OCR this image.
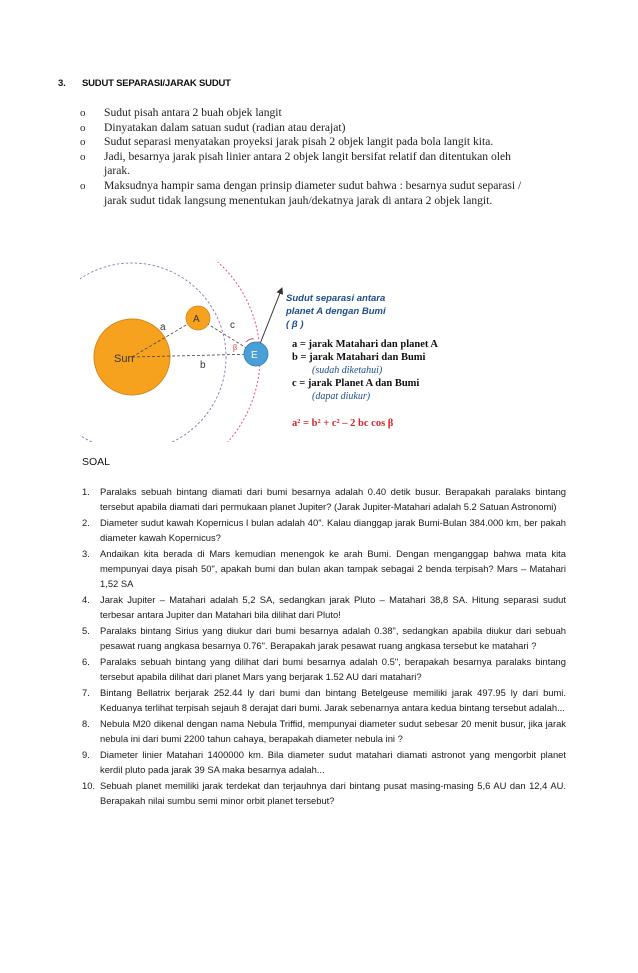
3. SUDUT SEPARASI/JARAK SUDUT
o Sudut pisah antara 2 buah objek langit
o Dinyatakan dalam satuan sudut (radian atau derajat)
o Sudut separasi menyatakan proyeksi jarak pisah 2 objek langit pada bola langit kita.
o Jadi, besarnya jarak pisah linier antara 2 objek langit bersifat relatif dan ditentukan oleh jarak.
o Maksudnya hampir sama dengan prinsip diameter sudut bahwa : besarnya sudut separasi / jarak sudut tidak langsung menentukan jauh/dekatnya jarak di antara 2 objek langit.
Sun
A
E
a
b
c
β
Sudut separasi antara
planet A dengan Bumi
( β )
a = jarak Matahari dan planet A
b = jarak Matahari dan Bumi
(sudah diketahui)
c = jarak Planet A dan Bumi
(dapat diukur)
a² = b² + c² – 2 bc cos β
SOAL
1. Paralaks sebuah bintang diamati dari bumi besarnya adalah 0.40 detik busur. Berapakah paralaks bintang tersebut apabila diamati dari permukaan planet Jupiter? (Jarak Jupiter-Matahari adalah 5.2 Satuan Astronomi)
2. Diameter sudut kawah Kopernicus l bulan adalah 40". Kalau dianggap jarak Bumi-Bulan 384.000 km, ber pakah diameter kawah Kopernicus?
3. Andaikan kita berada di Mars kemudian menengok ke arah Bumi. Dengan menganggap bahwa mata kita mempunyai daya pisah 50", apakah bumi dan bulan akan tampak sebagai 2 benda terpisah? Mars – Matahari 1,52 SA
4. Jarak Jupiter – Matahari adalah 5,2 SA, sedangkan jarak Pluto – Matahari 38,8 SA. Hitung separasi sudut terbesar antara Jupiter dan Matahari bila dilihat dari Pluto!
5. Paralaks bintang Sirius yang diukur dari bumi besarnya adalah 0.38", sedangkan apabila diukur dari sebuah pesawat ruang angkasa besarnya 0.76". Berapakah jarak pesawat ruang angkasa tersebut ke matahari ?
6. Paralaks sebuah bintang yang dilihat dari bumi besarnya adalah 0.5", berapakah besarnya paralaks bintang tersebut apabila dilihat dari planet Mars yang berjarak 1.52 AU dari matahari?
7. Bintang Bellatrix berjarak 252.44 ly dari bumi dan bintang Betelgeuse memiliki jarak 497.95 ly dari bumi. Keduanya terlihat terpisah sejauh 8 derajat dari bumi. Jarak sebenarnya antara kedua bintang tersebut adalah...
8. Nebula M20 dikenal dengan nama Nebula Triffid, mempunyai diameter sudut sebesar 20 menit busur, jika jarak nebula ini dari bumi 2200 tahun cahaya, berapakah diameter nebula ini ?
9. Diameter linier Matahari 1400000 km. Bila diameter sudut matahari diamati astronot yang mengorbit planet kerdil pluto pada jarak 39 SA maka besarnya adalah...
10. Sebuah planet memiliki jarak terdekat dan terjauhnya dari bintang pusat masing-masing 5,6 AU dan 12,4 AU. Berapakah nilai sumbu semi minor orbit planet tersebut?
